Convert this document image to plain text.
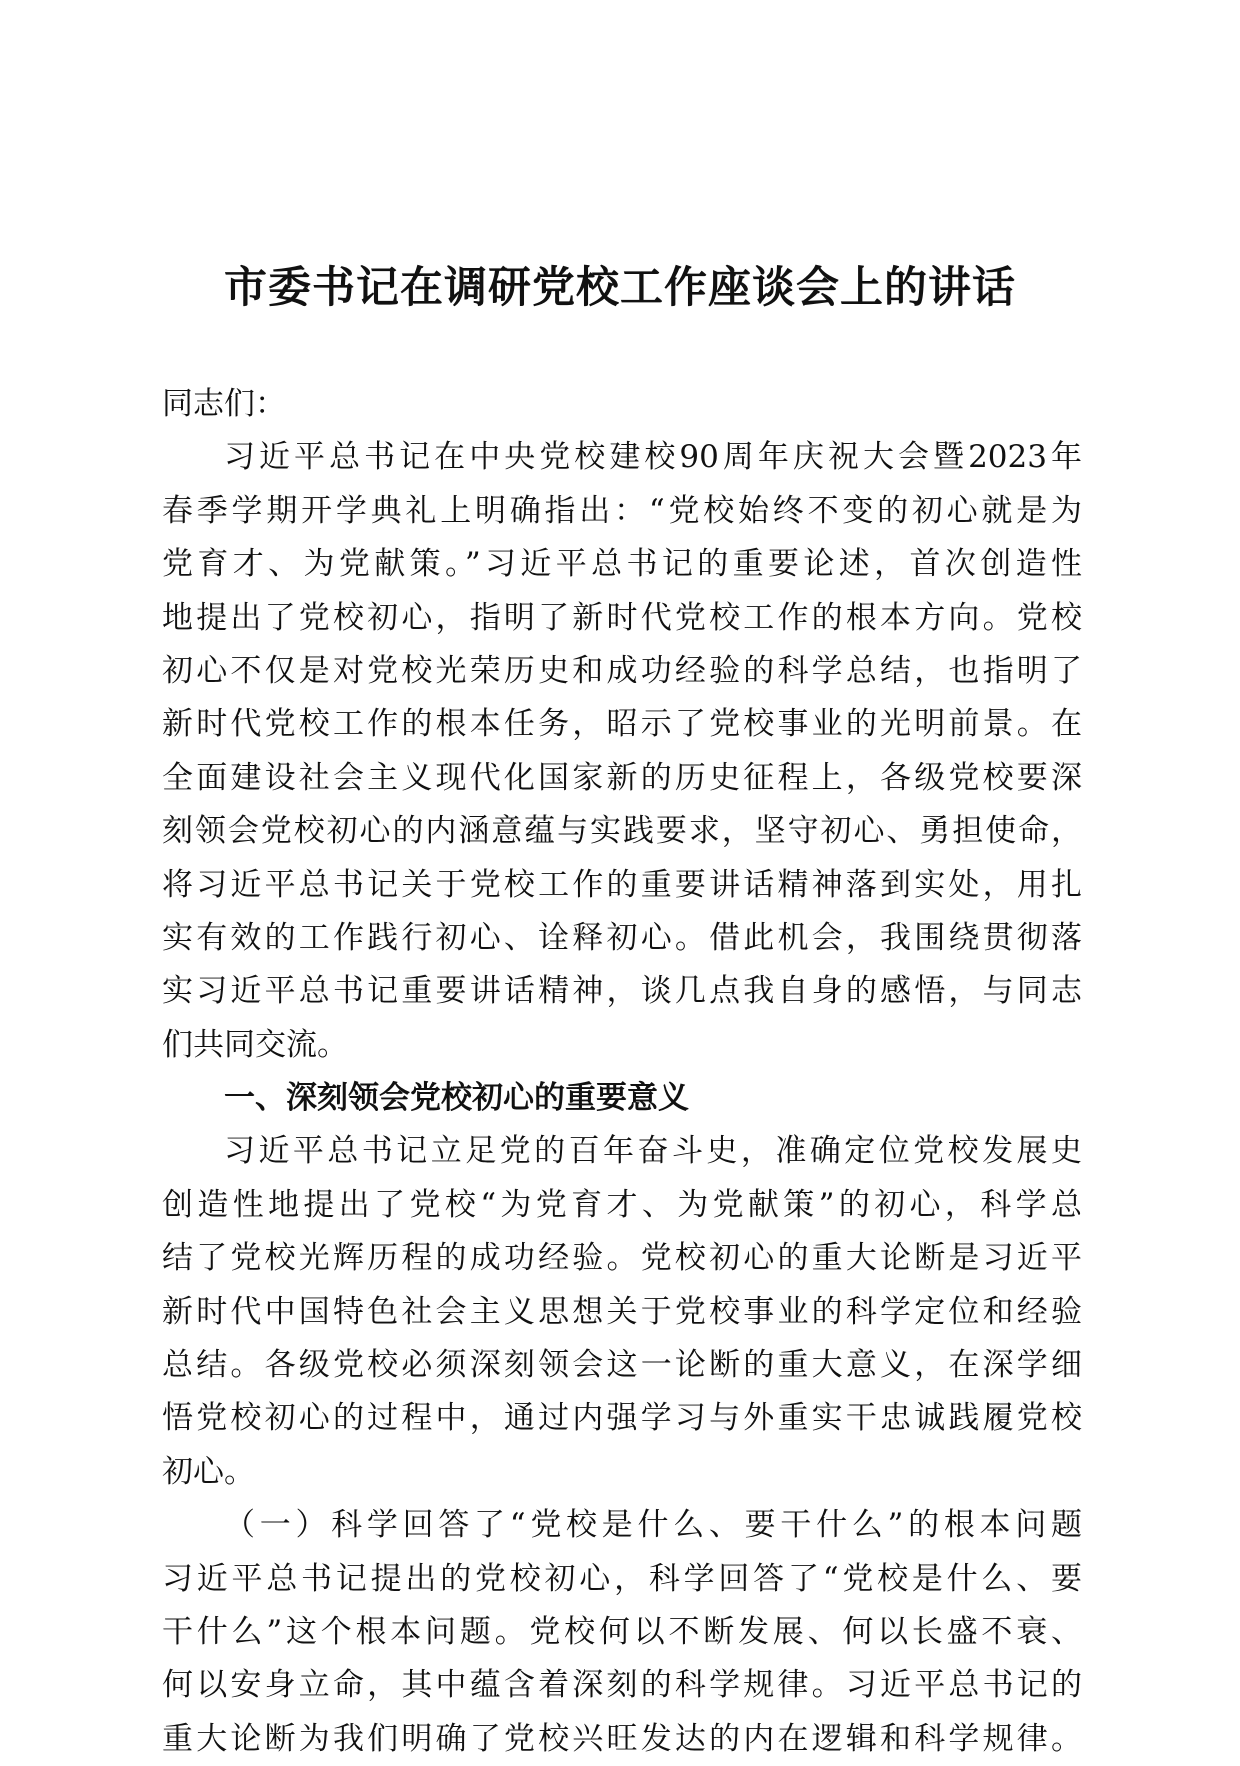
市委书记在调研党校工作座谈会上的讲话
同志们：
习近平总书记在中央党校建校90周年庆祝大会暨2023年
春季学期开学典礼上明确指出：“党校始终不变的初心就是为
党育才、为党献策。”习近平总书记的重要论述，首次创造性
地提出了党校初心，指明了新时代党校工作的根本方向。党校
初心不仅是对党校光荣历史和成功经验的科学总结，也指明了
新时代党校工作的根本任务，昭示了党校事业的光明前景。在
全面建设社会主义现代化国家新的历史征程上，各级党校要深
刻领会党校初心的内涵意蕴与实践要求，坚守初心、勇担使命，
将习近平总书记关于党校工作的重要讲话精神落到实处，用扎
实有效的工作践行初心、诠释初心。借此机会，我围绕贯彻落
实习近平总书记重要讲话精神，谈几点我自身的感悟，与同志
们共同交流。
一、深刻领会党校初心的重要意义
习近平总书记立足党的百年奋斗史，准确定位党校发展史
创造性地提出了党校“为党育才、为党献策”的初心，科学总
结了党校光辉历程的成功经验。党校初心的重大论断是习近平
新时代中国特色社会主义思想关于党校事业的科学定位和经验
总结。各级党校必须深刻领会这一论断的重大意义，在深学细
悟党校初心的过程中，通过内强学习与外重实干忠诚践履党校
初心。
（一）科学回答了“党校是什么、要干什么”的根本问题
习近平总书记提出的党校初心，科学回答了“党校是什么、要
干什么”这个根本问题。党校何以不断发展、何以长盛不衰、
何以安身立命，其中蕴含着深刻的科学规律。习近平总书记的
重大论断为我们明确了党校兴旺发达的内在逻辑和科学规律。
